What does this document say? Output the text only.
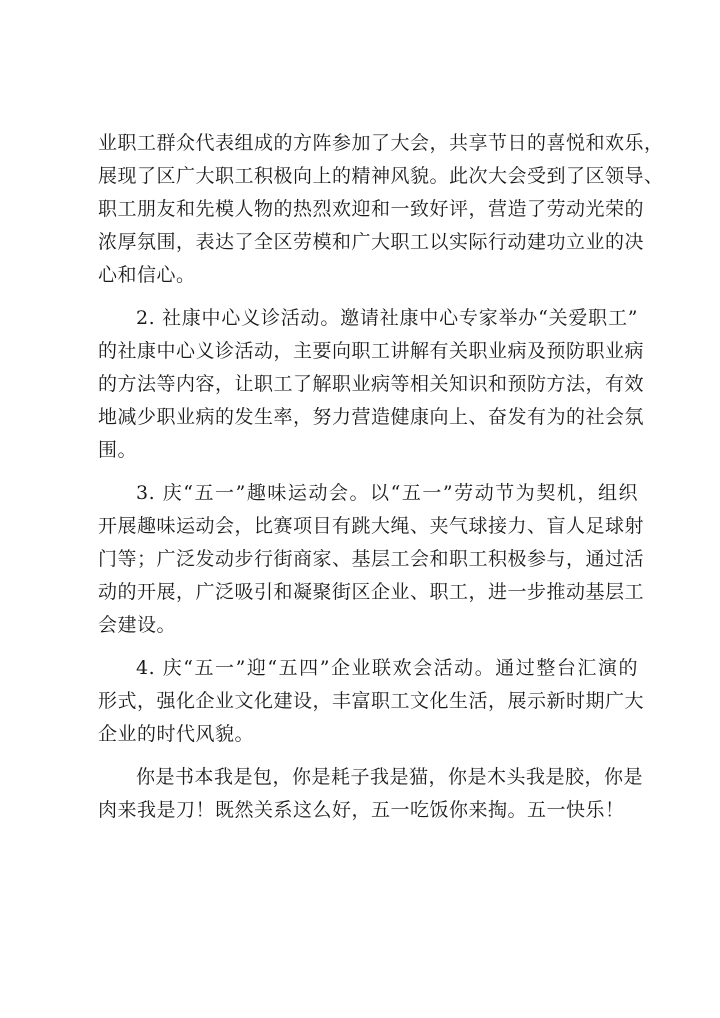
业职工群众代表组成的方阵参加了大会，共享节日的喜悦和欢乐，
展现了区广大职工积极向上的精神风貌。此次大会受到了区领导、
职工朋友和先模人物的热烈欢迎和一致好评，营造了劳动光荣的
浓厚氛围，表达了全区劳模和广大职工以实际行动建功立业的决
心和信心。
2. 社康中心义诊活动。邀请社康中心专家举办“关爱职工”
的社康中心义诊活动，主要向职工讲解有关职业病及预防职业病
的方法等内容，让职工了解职业病等相关知识和预防方法，有效
地减少职业病的发生率，努力营造健康向上、奋发有为的社会氛
围。
3. 庆“五一”趣味运动会。以“五一”劳动节为契机，组织
开展趣味运动会，比赛项目有跳大绳、夹气球接力、盲人足球射
门等；广泛发动步行街商家、基层工会和职工积极参与，通过活
动的开展，广泛吸引和凝聚街区企业、职工，进一步推动基层工
会建设。
4. 庆“五一”迎“五四”企业联欢会活动。通过整台汇演的
形式，强化企业文化建设，丰富职工文化生活，展示新时期广大
企业的时代风貌。
你是书本我是包，你是耗子我是猫，你是木头我是胶，你是
肉来我是刀！既然关系这么好，五一吃饭你来掏。五一快乐！
